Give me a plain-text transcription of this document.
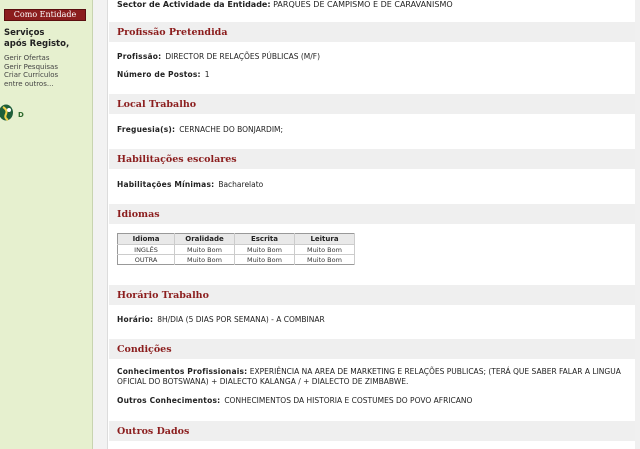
Como Entidade
Serviços
após Registo,
Gerir Ofertas
Gerir Pesquisas
Criar Currículos
entre outros...
D
Sector de Actividade da Entidade: PARQUES DE CAMPISMO E DE CARAVANISMO
Profissão Pretendida
Profissão: DIRECTOR DE RELAÇÕES PÚBLICAS (M/F)
Número de Postos: 1
Local Trabalho
Freguesia(s): CERNACHE DO BONJARDIM;
Habilitações escolares
Habilitações Mínimas: Bacharelato
Idiomas
Idioma	Oralidade	Escrita	Leitura
INGLÊS	Muito Bom	Muito Bom	Muito Bom
OUTRA	Muito Bom	Muito Bom	Muito Bom
Horário Trabalho
Horário: 8H/DIA (5 DIAS POR SEMANA) - A COMBINAR
Condições
Conhecimentos Profissionais: EXPERIÊNCIA NA AREA DE MARKETING E RELAÇÕES PUBLICAS; (TERÁ QUE SABER FALAR A LINGUA OFICIAL DO BOTSWANA) + DIALECTO KALANGA / + DIALECTO DE ZIMBABWE.
Outros Conhecimentos: CONHECIMENTOS DA HISTORIA E COSTUMES DO POVO AFRICANO
Outros Dados
